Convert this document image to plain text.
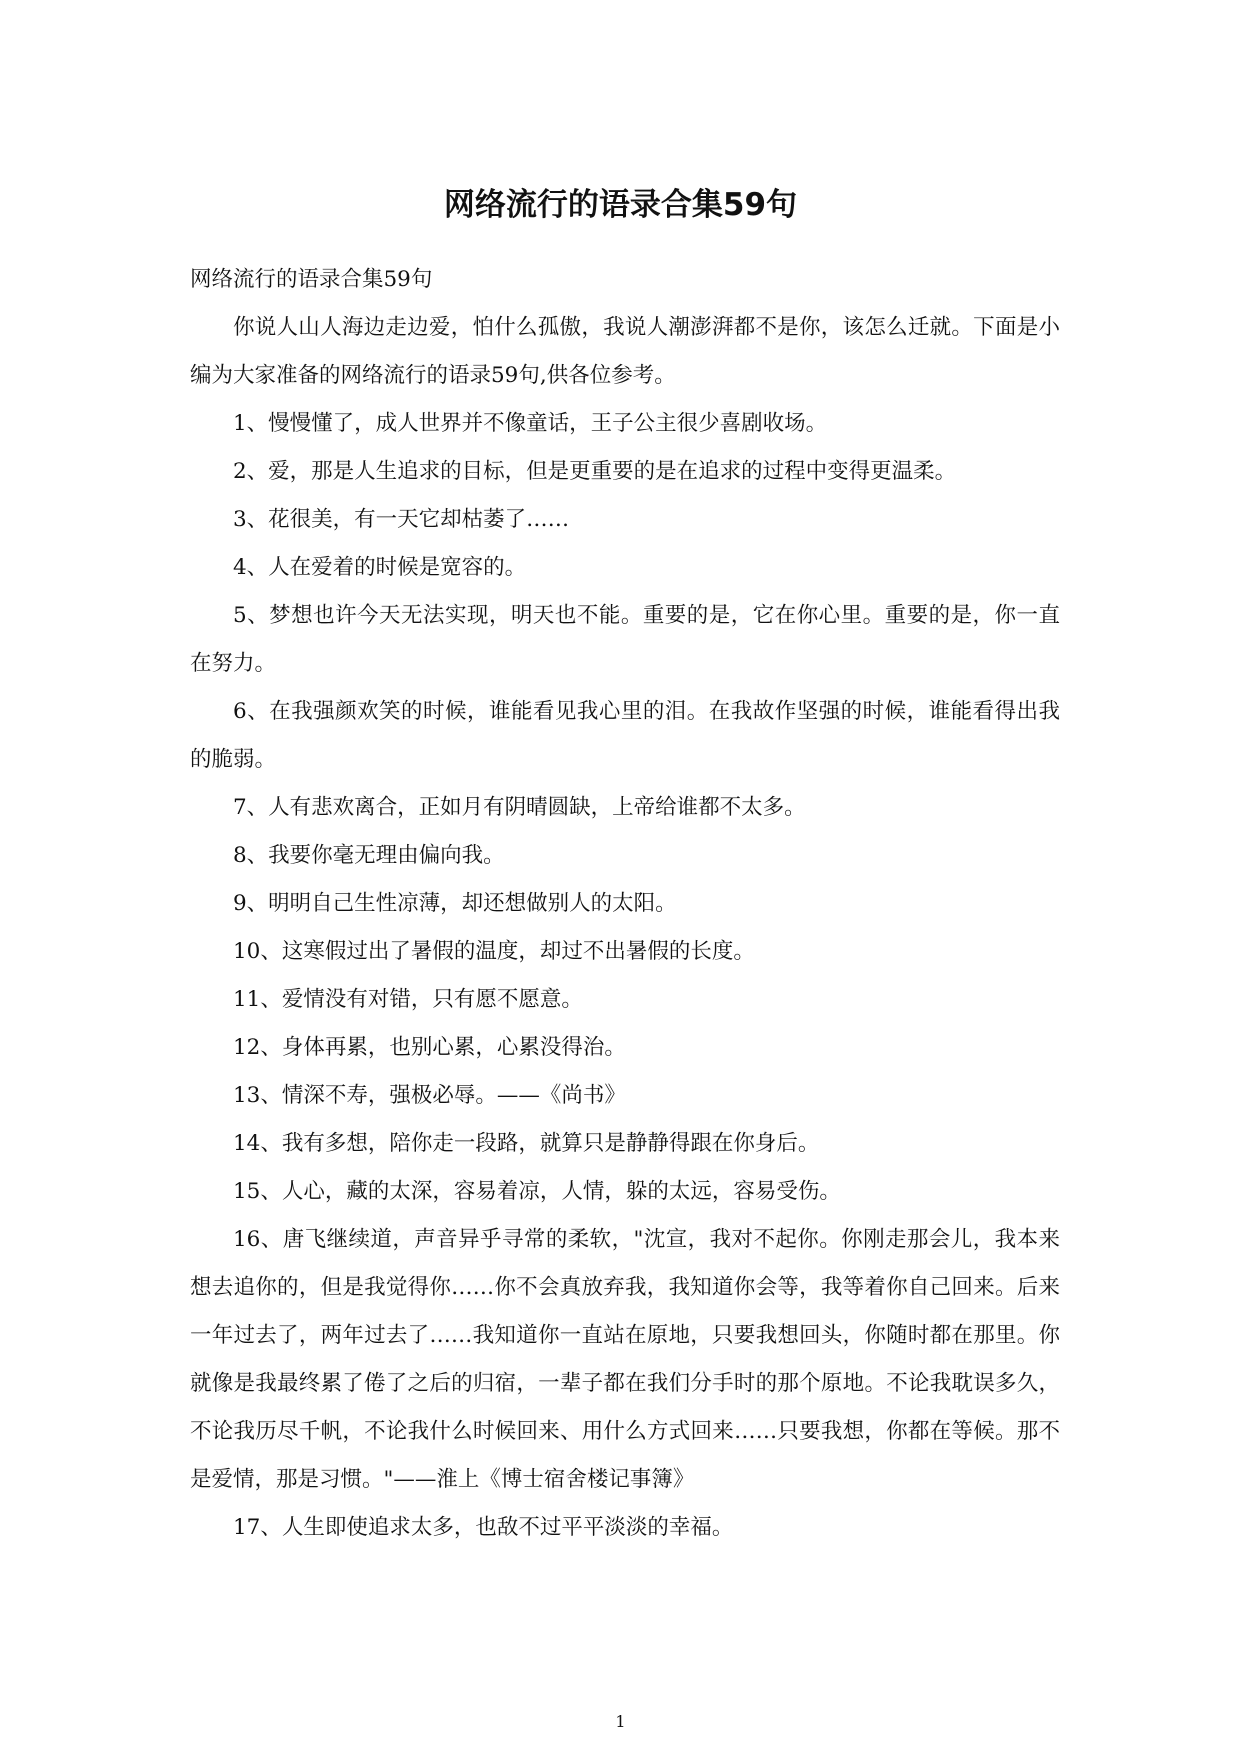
网络流行的语录合集59句

网络流行的语录合集59句

你说人山人海边走边爱，怕什么孤傲，我说人潮澎湃都不是你，该怎么迁就。下面是小编为大家准备的网络流行的语录59句,供各位参考。

1、慢慢懂了，成人世界并不像童话，王子公主很少喜剧收场。

2、爱，那是人生追求的目标，但是更重要的是在追求的过程中变得更温柔。

3、花很美，有一天它却枯萎了……

4、人在爱着的时候是宽容的。

5、梦想也许今天无法实现，明天也不能。重要的是，它在你心里。重要的是，你一直在努力。

6、在我强颜欢笑的时候，谁能看见我心里的泪。在我故作坚强的时候，谁能看得出我的脆弱。

7、人有悲欢离合，正如月有阴晴圆缺，上帝给谁都不太多。

8、我要你毫无理由偏向我。

9、明明自己生性凉薄，却还想做别人的太阳。

10、这寒假过出了暑假的温度，却过不出暑假的长度。

11、爱情没有对错，只有愿不愿意。

12、身体再累，也别心累，心累没得治。

13、情深不寿，强极必辱。——《尚书》

14、我有多想，陪你走一段路，就算只是静静得跟在你身后。

15、人心，藏的太深，容易着凉，人情，躲的太远，容易受伤。

16、唐飞继续道，声音异乎寻常的柔软，"沈宣，我对不起你。你刚走那会儿，我本来想去追你的，但是我觉得你……你不会真放弃我，我知道你会等，我等着你自己回来。后来一年过去了，两年过去了……我知道你一直站在原地，只要我想回头，你随时都在那里。你就像是我最终累了倦了之后的归宿，一辈子都在我们分手时的那个原地。不论我耽误多久，不论我历尽千帆，不论我什么时候回来、用什么方式回来……只要我想，你都在等候。那不是爱情，那是习惯。"——淮上《博士宿舍楼记事簿》

17、人生即使追求太多，也敌不过平平淡淡的幸福。

1
